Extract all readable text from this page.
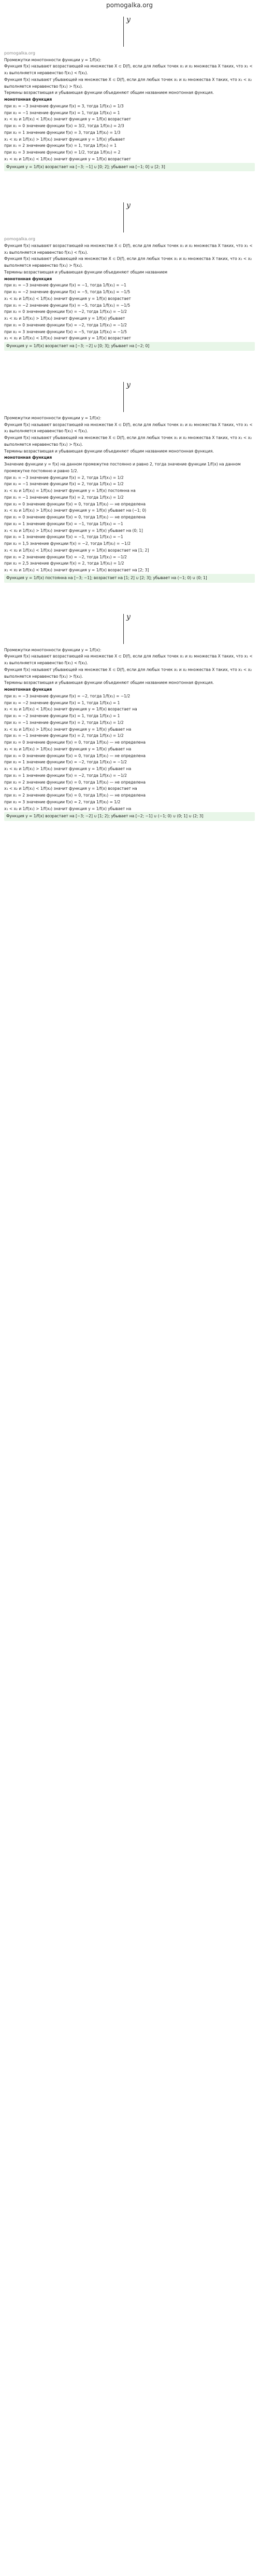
pomogalka.org
y

pomogalka.org

Промежутки монотонности функции y = 1/f(x):

Функция f(x) называют возрастающей на множестве X ⊂ D(f), если для любых точек x₁ и x₂ множества X таких, что x₁ < x₂ выполняется неравенство f(x₁) < f(x₂).

Функция f(x) называют убывающей на множестве X ⊂ D(f), если для любых точек x₁ и x₂ множества X таких, что x₁ < x₂ выполняется неравенство f(x₁) > f(x₂).

Термины возрастающая и убывающая функции объединяют общим названием монотонная функция.

монотонная функция

при x₁ = −3 значение функции f(x) = 3, тогда 1/f(x₁) = 1/3

при x₂ = −1 значение функции f(x) = 1, тогда 1/f(x₂) = 1

x₁ < x₂ и 1/f(x₁) < 1/f(x₂) значит функция y = 1/f(x) возрастает

при x₁ = 0 значение функции f(x) = 3/2, тогда 1/f(x₁) = 2/3

при x₂ = 1 значение функции f(x) = 3, тогда 1/f(x₂) = 1/3

x₁ < x₂ и 1/f(x₁) > 1/f(x₂) значит функция y = 1/f(x) убывает

при x₁ = 2 значение функции f(x) = 1, тогда 1/f(x₁) = 1

при x₂ = 3 значение функции f(x) = 1/2, тогда 1/f(x₂) = 2

x₁ < x₂ и 1/f(x₁) < 1/f(x₂) значит функция y = 1/f(x) возрастает

Функция y = 1/f(x) возрастает на [−3; −1] ∪ [0; 2]; убывает на [−1; 0] ∪ [2; 3]
y

pomogalka.org

Функция f(x) называют возрастающей на множестве X ⊂ D(f), если для любых точек x₁ и x₂ множества X таких, что x₁ < x₂ выполняется неравенство f(x₁) < f(x₂).

Функция f(x) называют убывающей на множестве X ⊂ D(f), если для любых точек x₁ и x₂ множества X таких, что x₁ < x₂ выполняется неравенство f(x₁) > f(x₂).

Термины возрастающая и убывающая функции объединяют общим названием

монотонная функция

при x₁ = −3 значение функции f(x) = −1, тогда 1/f(x₁) = −1

при x₂ = −2 значение функции f(x) = −5, тогда 1/f(x₂) = −1/5

x₁ < x₂ и 1/f(x₁) < 1/f(x₂) значит функция y = 1/f(x) возрастает

при x₁ = −2 значение функции f(x) = −5, тогда 1/f(x₁) = −1/5

при x₂ = 0 значение функции f(x) = −2, тогда 1/f(x₂) = −1/2

x₁ < x₂ и 1/f(x₁) > 1/f(x₂) значит функция y = 1/f(x) убывает

при x₁ = 0 значение функции f(x) = −2, тогда 1/f(x₁) = −1/2

при x₂ = 3 значение функции f(x) = −5, тогда 1/f(x₂) = −1/5

x₁ < x₂ и 1/f(x₁) < 1/f(x₂) значит функция y = 1/f(x) возрастает

Функция y = 1/f(x) возрастает на [−3; −2] ∪ [0; 3]; убывает на [−2; 0]
y

Промежутки монотонности функции y = 1/f(x):

Функция f(x) называют возрастающей на множестве X ⊂ D(f), если для любых точек x₁ и x₂ множества X таких, что x₁ < x₂ выполняется неравенство f(x₁) < f(x₂).

Функция f(x) называют убывающей на множестве X ⊂ D(f), если для любых точек x₁ и x₂ множества X таких, что x₁ < x₂ выполняется неравенство f(x₁) > f(x₂).

Термины возрастающая и убывающая функции объединяют общим названием монотонная функция.

монотонная функция

Значение функции y = f(x) на данном промежутке постоянно и равно 2, тогда значение функции 1/f(x) на данном промежутке постоянно и равно 1/2.

при x₁ = −3 значение функции f(x) = 2, тогда 1/f(x₁) = 1/2

при x₂ = −1 значение функции f(x) = 2, тогда 1/f(x₂) = 1/2

x₁ < x₂ и 1/f(x₁) = 1/f(x₂) значит функция y = 1/f(x) постоянна на

при x₁ = −1 значение функции f(x) = 2, тогда 1/f(x₁) = 1/2

при x₂ = 0 значение функции f(x) = 0, тогда 1/f(x₂) — не определена

x₁ < x₂ и 1/f(x₁) > 1/f(x₂) значит функция y = 1/f(x) убывает на (−1; 0)

при x₁ = 0 значение функции f(x) = 0, тогда 1/f(x₁) — не определена

при x₂ = 1 значение функции f(x) = −1, тогда 1/f(x₂) = −1

x₁ < x₂ и 1/f(x₁) > 1/f(x₂) значит функция y = 1/f(x) убывает на (0; 1]

при x₁ = 1 значение функции f(x) = −1, тогда 1/f(x₁) = −1

при x₂ = 1,5 значение функции f(x) = −2, тогда 1/f(x₂) = −1/2

x₁ < x₂ и 1/f(x₁) < 1/f(x₂) значит функция y = 1/f(x) возрастает на [1; 2]

при x₁ = 2 значение функции f(x) = −2, тогда 1/f(x₁) = −1/2

при x₂ = 2,5 значение функции f(x) = 2, тогда 1/f(x₂) = 1/2

x₁ < x₂ и 1/f(x₁) < 1/f(x₂) значит функция y = 1/f(x) возрастает на [2; 3]

Функция y = 1/f(x) постоянна на [−3; −1]; возрастает на [1; 2] ∪ [2; 3]; убывает на (−1; 0) ∪ (0; 1]
y

Промежутки монотонности функции y = 1/f(x):

Функция f(x) называют возрастающей на множестве X ⊂ D(f), если для любых точек x₁ и x₂ множества X таких, что x₁ < x₂ выполняется неравенство f(x₁) < f(x₂).

Функция f(x) называют убывающей на множестве X ⊂ D(f), если для любых точек x₁ и x₂ множества X таких, что x₁ < x₂ выполняется неравенство f(x₁) > f(x₂).

Термины возрастающая и убывающая функции объединяют общим названием монотонная функция.

монотонная функция

при x₁ = −3 значение функции f(x) = −2, тогда 1/f(x₁) = −1/2

при x₂ = −2 значение функции f(x) = 1, тогда 1/f(x₂) = 1

x₁ < x₂ и 1/f(x₁) < 1/f(x₂) значит функция y = 1/f(x) возрастает на

при x₁ = −2 значение функции f(x) = 1, тогда 1/f(x₁) = 1

при x₂ = −1 значение функции f(x) = 2, тогда 1/f(x₂) = 1/2

x₁ < x₂ и 1/f(x₁) > 1/f(x₂) значит функция y = 1/f(x) убывает на

при x₁ = −1 значение функции f(x) = 2, тогда 1/f(x₁) = 1/2

при x₂ = 0 значение функции f(x) = 0, тогда 1/f(x₂) — не определена

x₁ < x₂ и 1/f(x₁) > 1/f(x₂) значит функция y = 1/f(x) убывает на

при x₁ = 0 значение функции f(x) = 0, тогда 1/f(x₁) — не определена

при x₂ = 1 значение функции f(x) = −2, тогда 1/f(x₂) = −1/2

x₁ < x₂ и 1/f(x₁) > 1/f(x₂) значит функция y = 1/f(x) убывает на

при x₁ = 1 значение функции f(x) = −2, тогда 1/f(x₁) = −1/2

при x₂ = 2 значение функции f(x) = 0, тогда 1/f(x₂) — не определена

x₁ < x₂ и 1/f(x₁) < 1/f(x₂) значит функция y = 1/f(x) возрастает на

при x₁ = 2 значение функции f(x) = 0, тогда 1/f(x₁) — не определена

при x₂ = 3 значение функции f(x) = 2, тогда 1/f(x₂) = 1/2

x₁ < x₂ и 1/f(x₁) > 1/f(x₂) значит функция y = 1/f(x) убывает на

Функция y = 1/f(x) возрастает на [−3; −2] ∪ [1; 2); убывает на [−2; −1] ∪ (−1; 0) ∪ (0; 1] ∪ (2; 3]
